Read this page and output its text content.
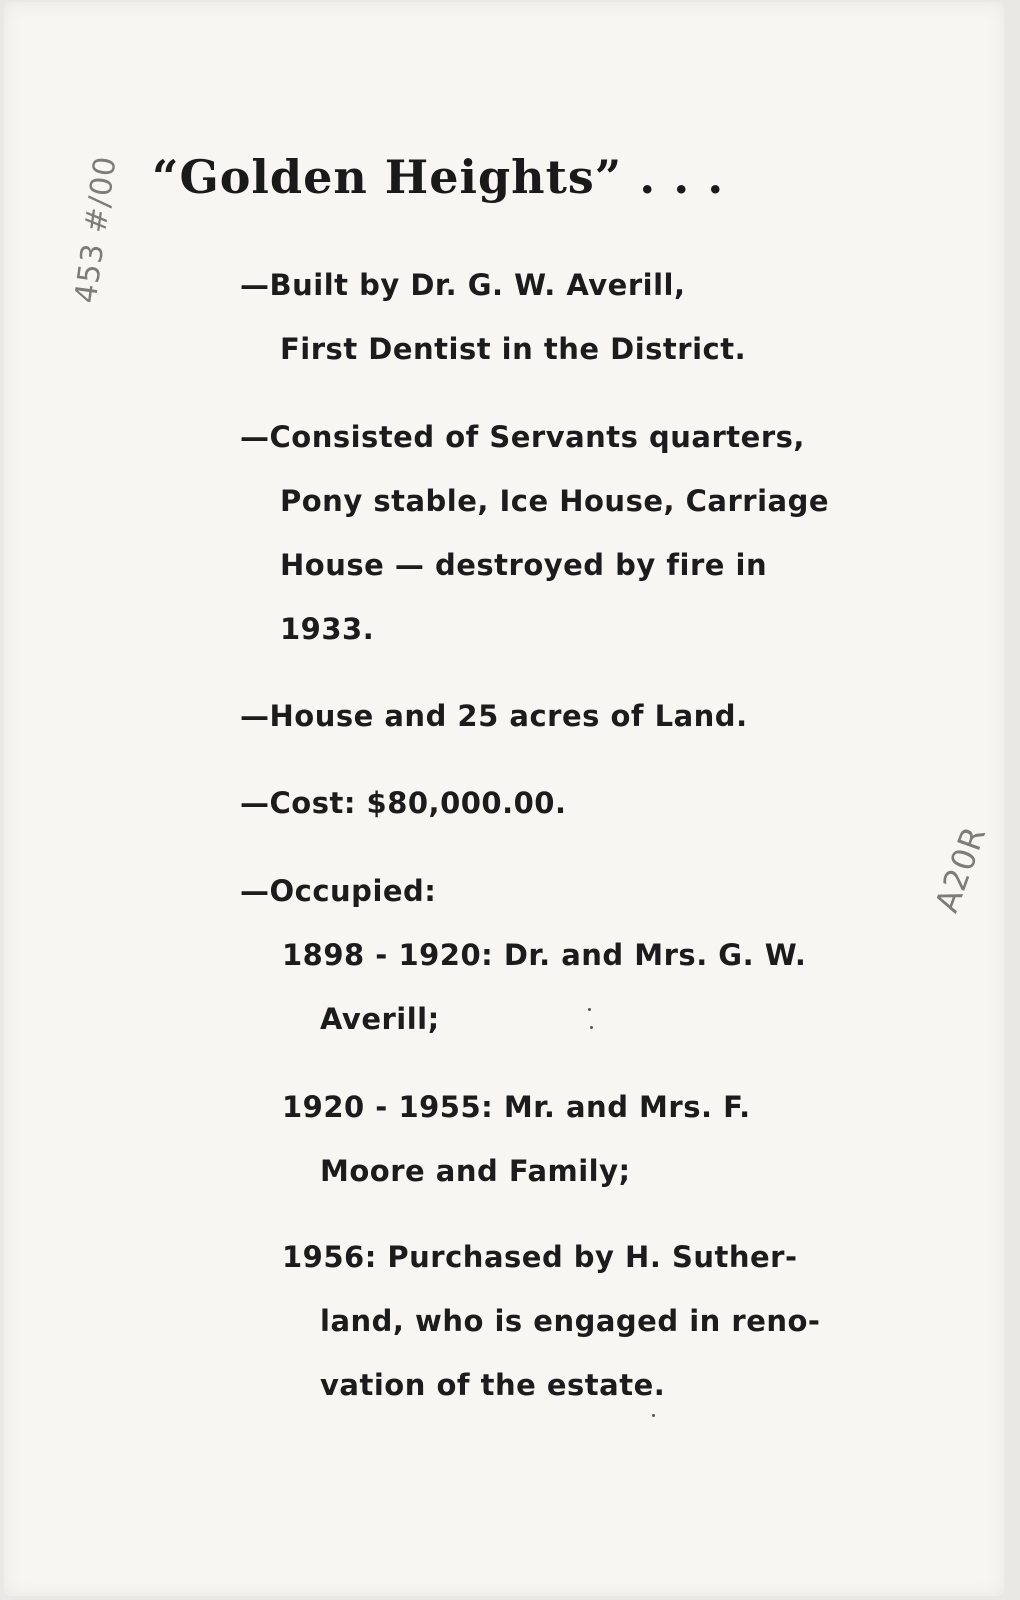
“Golden Heights” . . .
—Built by Dr. G. W. Averill,
First Dentist in the District.
—Consisted of Servants quarters,
Pony stable, Ice House, Carriage
House — destroyed by fire in
1933.
—House and 25 acres of Land.
—Cost: $80,000.00.
—Occupied:
1898 - 1920: Dr. and Mrs. G. W.
Averill;
1920 - 1955: Mr. and Mrs. F.
Moore and Family;
1956: Purchased by H. Suther-
land, who is engaged in reno-
vation of the estate.
453 #/00
A20R
